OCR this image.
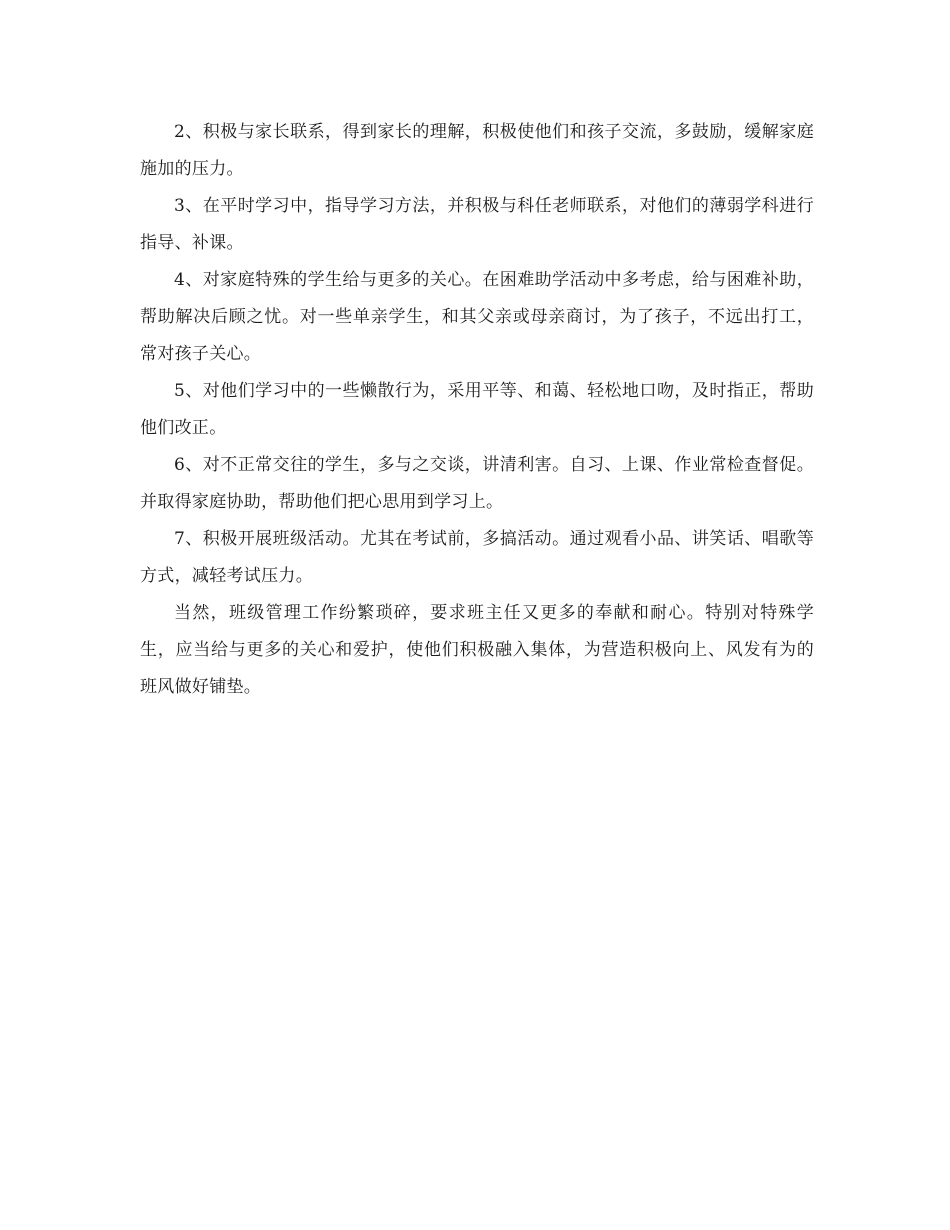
2、积极与家长联系，得到家长的理解，积极使他们和孩子交流，多鼓励，缓解家庭施加的压力。

3、在平时学习中，指导学习方法，并积极与科任老师联系，对他们的薄弱学科进行指导、补课。

4、对家庭特殊的学生给与更多的关心。在困难助学活动中多考虑，给与困难补助，帮助解决后顾之忧。对一些单亲学生，和其父亲或母亲商讨，为了孩子，不远出打工，常对孩子关心。

5、对他们学习中的一些懒散行为，采用平等、和蔼、轻松地口吻，及时指正，帮助他们改正。

6、对不正常交往的学生，多与之交谈，讲清利害。自习、上课、作业常检查督促。并取得家庭协助，帮助他们把心思用到学习上。

7、积极开展班级活动。尤其在考试前，多搞活动。通过观看小品、讲笑话、唱歌等方式，减轻考试压力。

当然，班级管理工作纷繁琐碎，要求班主任又更多的奉献和耐心。特别对特殊学生，应当给与更多的关心和爱护，使他们积极融入集体，为营造积极向上、风发有为的班风做好铺垫。
